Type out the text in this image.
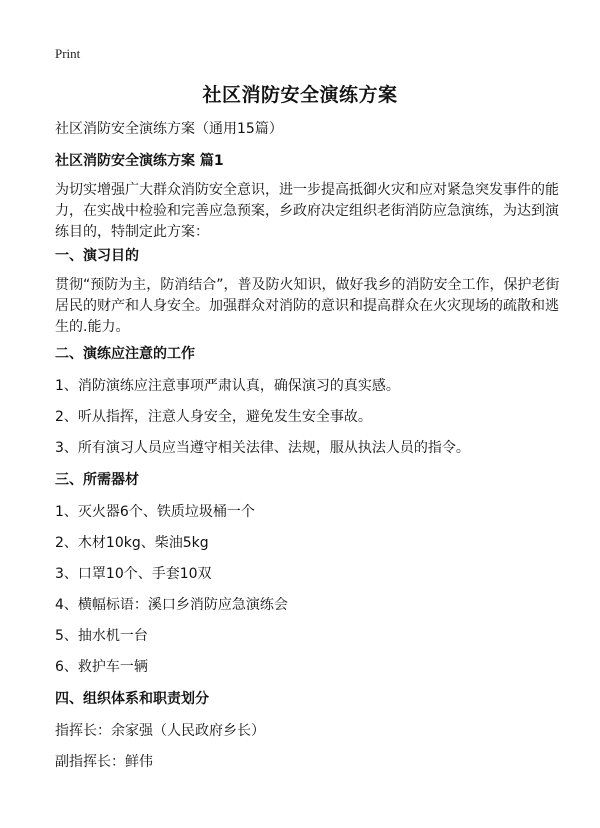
Print
社区消防安全演练方案

社区消防安全演练方案（通用15篇）

社区消防安全演练方案 篇1

为切实增强广大群众消防安全意识，进一步提高抵御火灾和应对紧急突发事件的能
力，在实战中检验和完善应急预案，乡政府决定组织老街消防应急演练，为达到演
练目的，特制定此方案：

一、演习目的

贯彻“预防为主，防消结合”，普及防火知识，做好我乡的消防安全工作，保护老街
居民的财产和人身安全。加强群众对消防的意识和提高群众在火灾现场的疏散和逃
生的.能力。

二、演练应注意的工作

1、消防演练应注意事项严肃认真，确保演习的真实感。

2、听从指挥，注意人身安全，避免发生安全事故。

3、所有演习人员应当遵守相关法律、法规，服从执法人员的指令。

三、所需器材

1、灭火器6个、铁质垃圾桶一个

2、木材10kg、柴油5kg

3、口罩10个、手套10双

4、横幅标语：溪口乡消防应急演练会

5、抽水机一台

6、救护车一辆

四、组织体系和职责划分

指挥长：余家强（人民政府乡长）

副指挥长：鲜伟
